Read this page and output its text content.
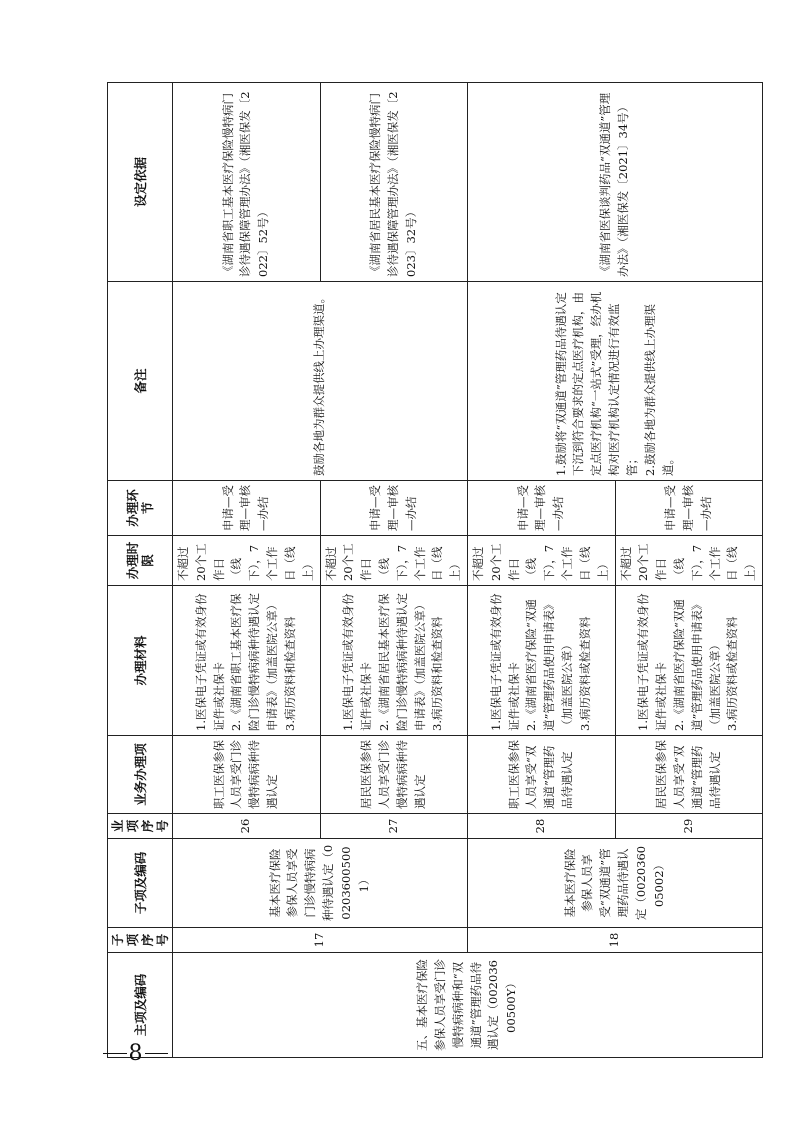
主项及编码	子项序号	子项及编码	业项序号	业务办理项	办理材料	办理时限	办理环节	备注	设定依据
五、基本医疗保险参保人员享受门诊慢特病病种和“双通道”管理药品待遇认定（00203600500Y）	17	基本医疗保险参保人员享受门诊慢特病病种待遇认定（002036005001）	26	职工医保参保人员享受门诊慢特病病种待遇认定	1.医保电子凭证或有效身份证件或社保卡
2.《湖南省职工基本医疗保险门诊慢特病病种待遇认定申请表》（加盖医院公章）
3.病历资料和检查资料	不超过20个工作日（线下），7个工作日（线上）	申请—受理—审核—办结	鼓励各地为群众提供线上办理渠道。	《湖南省职工基本医疗保险慢特病门诊待遇保障管理办法》（湘医保发〔2022〕52号）
			27	居民医保参保人员享受门诊慢特病病种待遇认定	1.医保电子凭证或有效身份证件或社保卡
2.《湖南省居民基本医疗保险门诊慢特病病种待遇认定申请表》（加盖医院公章）
3.病历资料和检查资料	不超过20个工作日（线下），7个工作日（线上）	申请—受理—审核—办结		《湖南省居民基本医疗保险慢特病门诊待遇保障管理办法》（湘医保发〔2023〕32号）
	18	基本医疗保险参保人员享受“双通道”管理药品待遇认定（002036005002）	28	职工医保参保人员享受“双通道”管理药品待遇认定	1.医保电子凭证或有效身份证件或社保卡
2.《湖南省医疗保险“双通道”管理药品使用申请表》（加盖医院公章）
3.病历资料或检查资料	不超过20个工作日（线下），7个工作日（线上）	申请—受理—审核—办结	1.鼓励将“双通道”管理药品待遇认定下沉到符合要求的定点医疗机构，由定点医疗机构“一站式”受理，经办机构对医疗机构认定情况进行有效监管；
2.鼓励各地为群众提供线上办理渠道。	《湖南省医保谈判药品“双通道”管理办法》（湘医保发〔2021〕34号）
			29	居民医保参保人员享受“双通道”管理药品待遇认定	1.医保电子凭证或有效身份证件或社保卡
2.《湖南省医疗保险“双通道”管理药品使用申请表》（加盖医院公章）
3.病历资料或检查资料	不超过20个工作日（线下），7个工作日（线上）	申请—受理—审核—办结		
8
